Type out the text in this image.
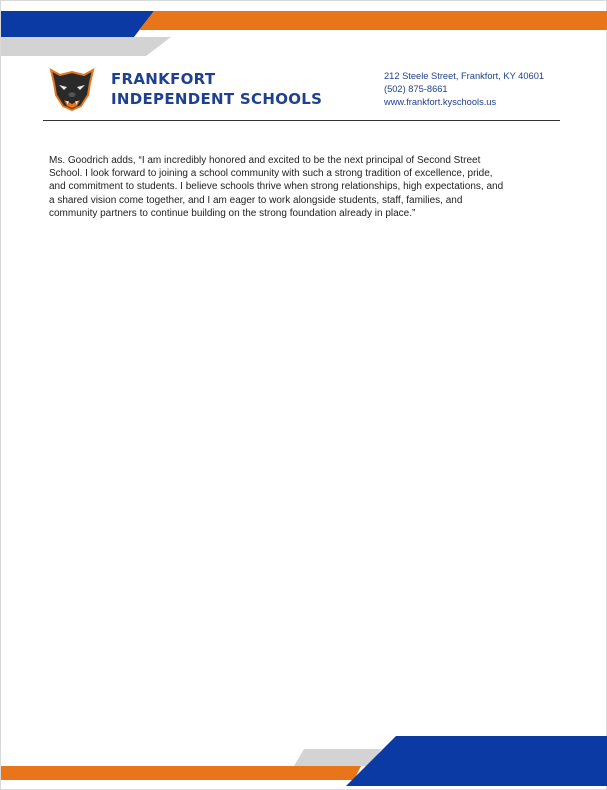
FRANKFORT
INDEPENDENT SCHOOLS
212 Steele Street, Frankfort, KY 40601
(502) 875-8661
www.frankfort.kyschools.us
Ms. Goodrich adds, “I am incredibly honored and excited to be the next principal of Second Street
School. I look forward to joining a school community with such a strong tradition of excellence, pride,
and commitment to students. I believe schools thrive when strong relationships, high expectations, and
a shared vision come together, and I am eager to work alongside students, staff, families, and
community partners to continue building on the strong foundation already in place.”
